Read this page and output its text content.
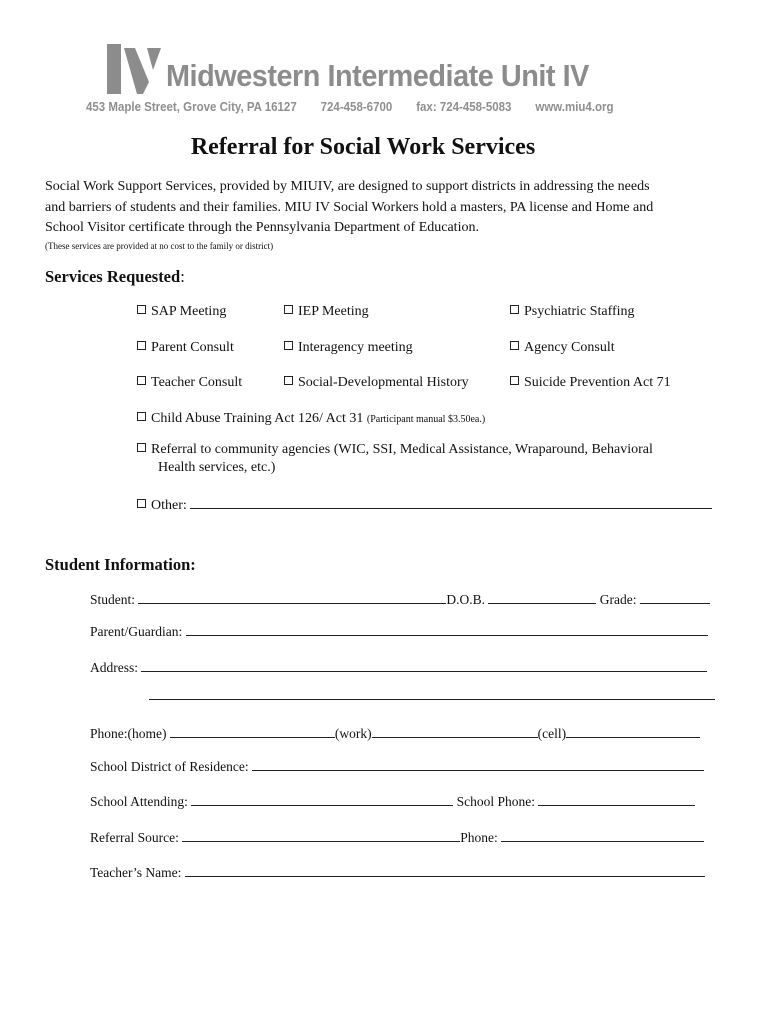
Midwestern Intermediate Unit IV
453 Maple Street, Grove City, PA 16127 724-458-6700 fax: 724-458-5083 www.miu4.org
Referral for Social Work Services
Social Work Support Services, provided by MIUIV, are designed to support districts in addressing the needs
and barriers of students and their families. MIU IV Social Workers hold a masters, PA license and Home and
School Visitor certificate through the Pennsylvania Department of Education.
(These services are provided at no cost to the family or district)
Services Requested:
SAP Meeting	IEP Meeting	Psychiatric Staffing
Parent Consult	Interagency meeting	Agency Consult
Teacher Consult	Social-Developmental History	Suicide Prevention Act 71
Child Abuse Training Act 126/ Act 31 (Participant manual $3.50ea.)
Referral to community agencies (WIC, SSI, Medical Assistance, Wraparound, Behavioral
Health services, etc.)
Other:
Student Information:
Student:	D.O.B.	Grade:
Parent/Guardian:
Address:
Phone:(home)	(work)	(cell)
School District of Residence:
School Attending:	School Phone:
Referral Source:	Phone:
Teacher’s Name:
